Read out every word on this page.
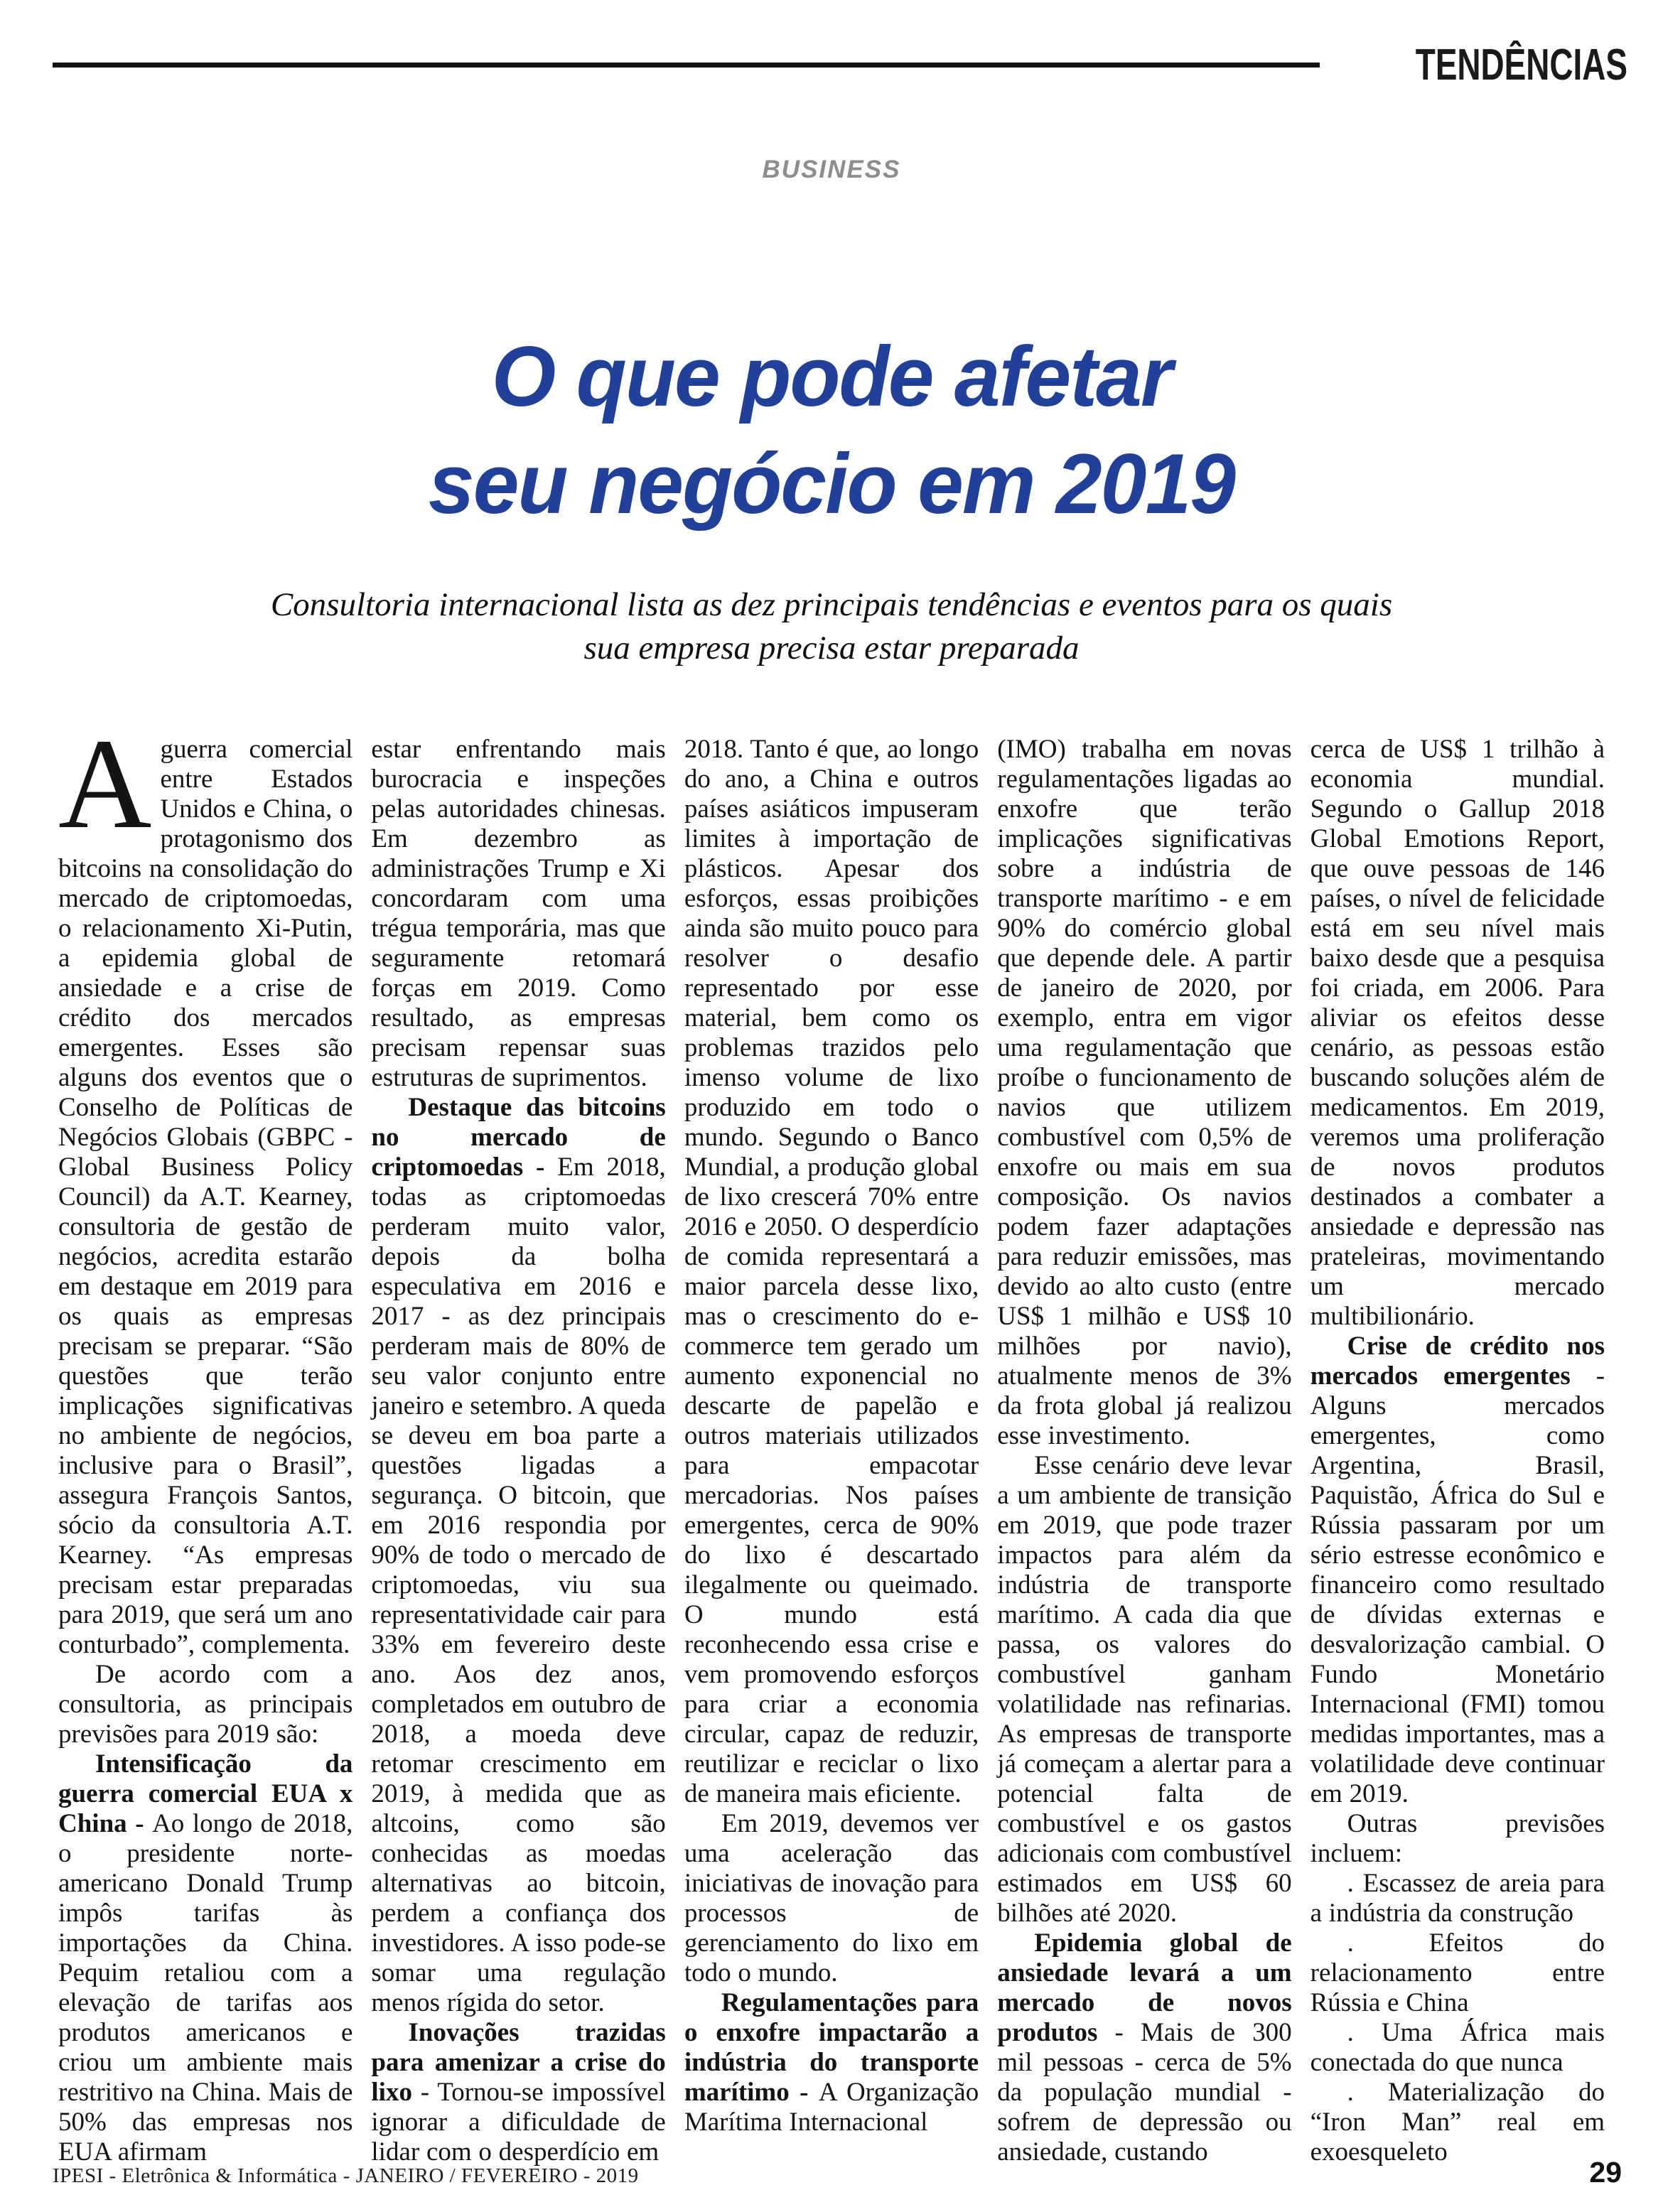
TENDÊNCIAS
BUSINESS
O que pode afetar
seu negócio em 2019
Consultoria internacional lista as dez principais tendências e eventos para os quais sua empresa precisa estar preparada

Aguerra comercial entre Estados Unidos e China, o protagonismo dos bitcoins na consolidação do mercado de criptomoedas, o relacionamento Xi-Putin, a epidemia global de ansiedade e a crise de crédito dos mercados emergentes. Esses são alguns dos eventos que o Conselho de Políticas de Negócios Globais (GBPC - Global Business Policy Council) da A.T. Kearney, consultoria de gestão de negócios, acredita estarão em destaque em 2019 para os quais as empresas precisam se preparar. “São questões que terão implicações significativas no ambiente de negócios, inclusive para o Brasil”, assegura François Santos, sócio da consultoria A.T. Kearney. “As empresas precisam estar preparadas para 2019, que será um ano conturbado”, complementa.

De acordo com a consultoria, as principais previsões para 2019 são:

Intensificação da guerra comercial EUA x China - Ao longo de 2018, o presidente norte-americano Donald Trump impôs tarifas às importações da China. Pequim retaliou com a elevação de tarifas aos produtos americanos e criou um ambiente mais restritivo na China. Mais de 50% das empresas nos EUA afirmam

estar enfrentando mais burocracia e inspeções pelas autoridades chinesas. Em dezembro as administrações Trump e Xi concordaram com uma trégua temporária, mas que seguramente retomará forças em 2019. Como resultado, as empresas precisam repensar suas estruturas de suprimentos.

Destaque das bitcoins no mercado de criptomoedas - Em 2018, todas as criptomoedas perderam muito valor, depois da bolha especulativa em 2016 e 2017 - as dez principais perderam mais de 80% de seu valor conjunto entre janeiro e setembro. A queda se deveu em boa parte a questões ligadas a segurança. O bitcoin, que em 2016 respondia por 90% de todo o mercado de criptomoedas, viu sua representatividade cair para 33% em fevereiro deste ano. Aos dez anos, completados em outubro de 2018, a moeda deve retomar crescimento em 2019, à medida que as altcoins, como são conhecidas as moedas alternativas ao bitcoin, perdem a confiança dos investidores. A isso pode-se somar uma regulação menos rígida do setor.

Inovações trazidas para amenizar a crise do lixo - Tornou-se impossível ignorar a dificuldade de lidar com o desperdício em

2018. Tanto é que, ao longo do ano, a China e outros países asiáticos impuseram limites à importação de plásticos. Apesar dos esforços, essas proibições ainda são muito pouco para resolver o desafio representado por esse material, bem como os problemas trazidos pelo imenso volume de lixo produzido em todo o mundo. Segundo o Banco Mundial, a produção global de lixo crescerá 70% entre 2016 e 2050. O desperdício de comida representará a maior parcela desse lixo, mas o crescimento do e-commerce tem gerado um aumento exponencial no descarte de papelão e outros materiais utilizados para empacotar mercadorias. Nos países emergentes, cerca de 90% do lixo é descartado ilegalmente ou queimado. O mundo está reconhecendo essa crise e vem promovendo esforços para criar a economia circular, capaz de reduzir, reutilizar e reciclar o lixo de maneira mais eficiente.

Em 2019, devemos ver uma aceleração das iniciativas de inovação para processos de gerenciamento do lixo em todo o mundo.

Regulamentações para o enxofre impactarão a indústria do transporte marítimo - A Organização Marítima Internacional

(IMO) trabalha em novas regulamentações ligadas ao enxofre que terão implicações significativas sobre a indústria de transporte marítimo - e em 90% do comércio global que depende dele. A partir de janeiro de 2020, por exemplo, entra em vigor uma regulamentação que proíbe o funcionamento de navios que utilizem combustível com 0,5% de enxofre ou mais em sua composição. Os navios podem fazer adaptações para reduzir emissões, mas devido ao alto custo (entre US$ 1 milhão e US$ 10 milhões por navio), atualmente menos de 3% da frota global já realizou esse investimento.

Esse cenário deve levar a um ambiente de transição em 2019, que pode trazer impactos para além da indústria de transporte marítimo. A cada dia que passa, os valores do combustível ganham volatilidade nas refinarias. As empresas de transporte já começam a alertar para a potencial falta de combustível e os gastos adicionais com combustível estimados em US$ 60 bilhões até 2020.

Epidemia global de ansiedade levará a um mercado de novos produtos - Mais de 300 mil pessoas - cerca de 5% da população mundial - sofrem de depressão ou ansiedade, custando

cerca de US$ 1 trilhão à economia mundial. Segundo o Gallup 2018 Global Emotions Report, que ouve pessoas de 146 países, o nível de felicidade está em seu nível mais baixo desde que a pesquisa foi criada, em 2006. Para aliviar os efeitos desse cenário, as pessoas estão buscando soluções além de medicamentos. Em 2019, veremos uma proliferação de novos produtos destinados a combater a ansiedade e depressão nas prateleiras, movimentando um mercado multibilionário.

Crise de crédito nos mercados emergentes - Alguns mercados emergentes, como Argentina, Brasil, Paquistão, África do Sul e Rússia passaram por um sério estresse econômico e financeiro como resultado de dívidas externas e desvalorização cambial. O Fundo Monetário Internacional (FMI) tomou medidas importantes, mas a volatilidade deve continuar em 2019.

Outras previsões incluem:

. Escassez de areia para a indústria da construção

. Efeitos do relacionamento entre Rússia e China

. Uma África mais conectada do que nunca

. Materialização do “Iron Man” real em exoesqueleto

IPESI - Eletrônica & Informática - JANEIRO / FEVEREIRO - 2019	29
